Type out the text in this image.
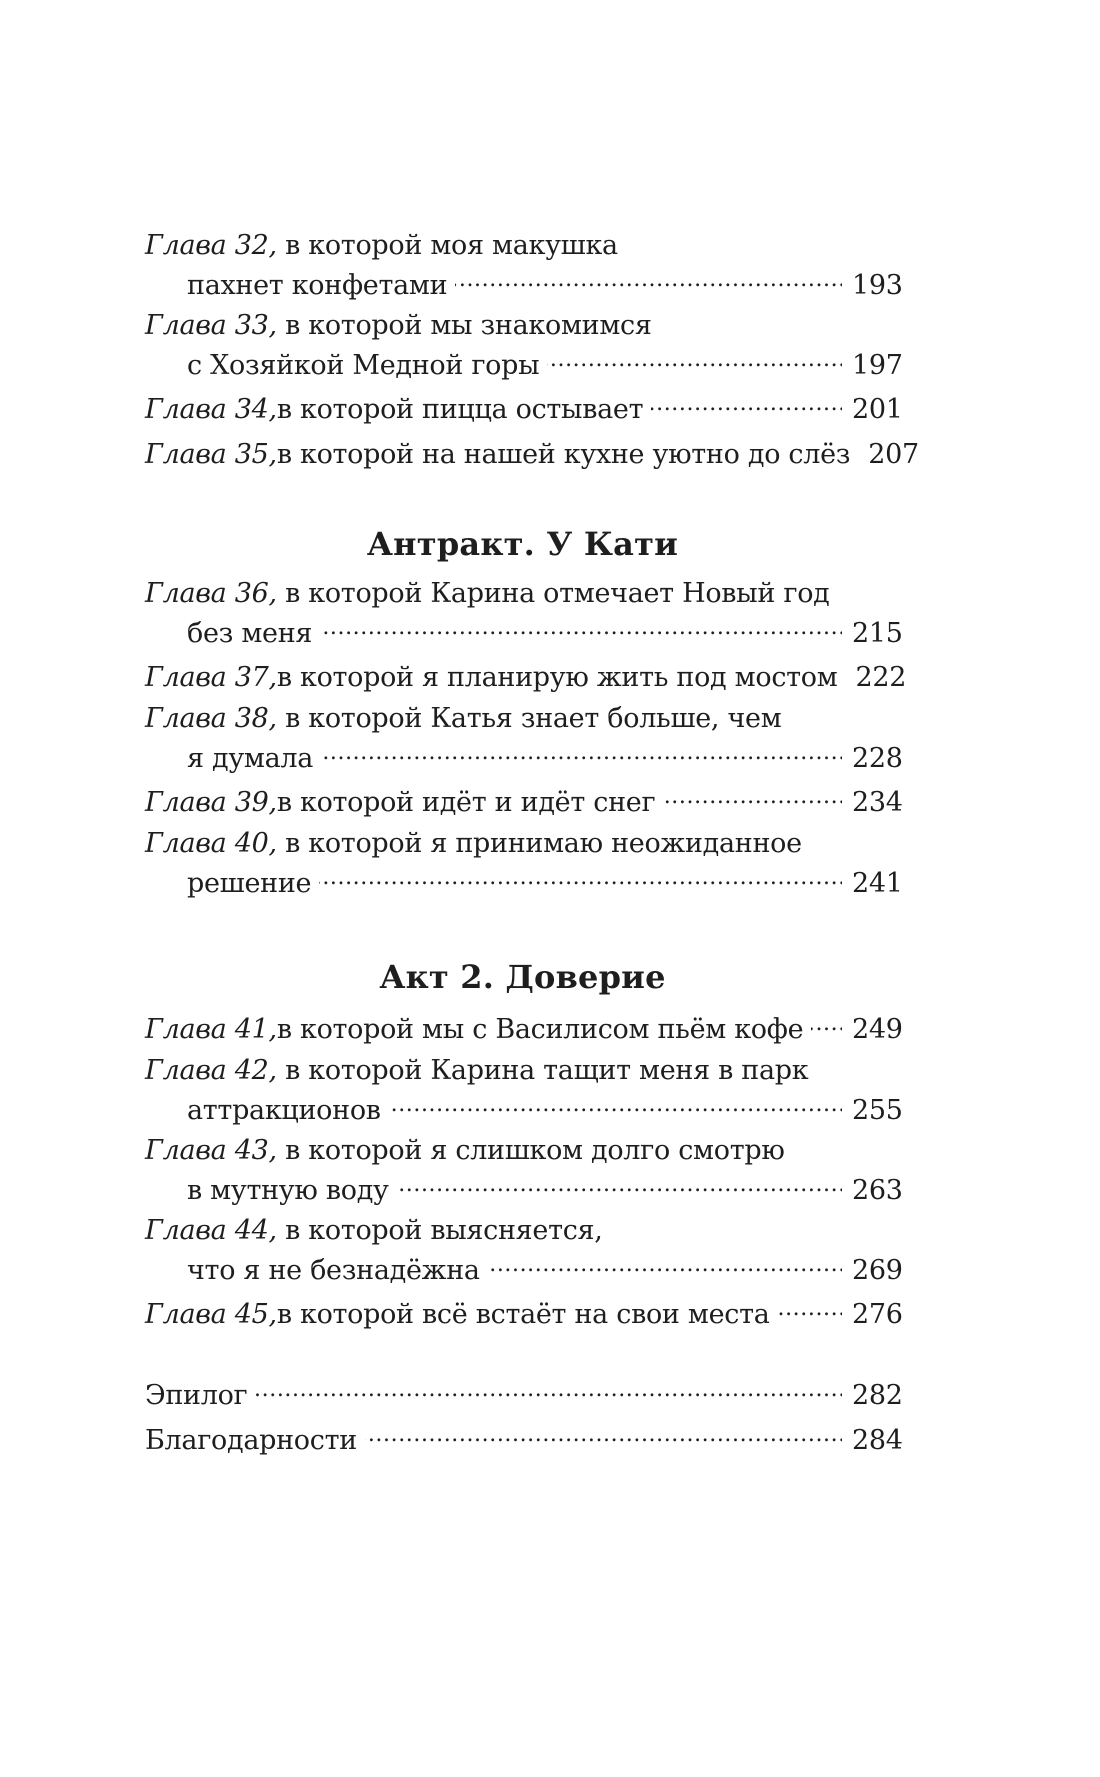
Глава 32, в которой моя макушка
пахнет конфетами . . .	193
Глава 33, в которой мы знакомимся
с Хозяйкой Медной горы . . .	197
Глава 34, в которой пицца остывает . . .	201
Глава 35, в которой на нашей кухне уютно до слёз 207
Антракт. У Кати
Глава 36, в которой Карина отмечает Новый год
без меня . . .	215
Глава 37, в которой я планирую жить под мостом 222
Глава 38, в которой Катья знает больше, чем
я думала . . .	228
Глава 39, в которой идёт и идёт снег . . .	234
Глава 40, в которой я принимаю неожиданное
решение . . .	241
Акт 2. Доверие
Глава 41, в которой мы с Василисом пьём кофе . . . 249
Глава 42, в которой Карина тащит меня в парк
аттракционов . . .	255
Глава 43, в которой я слишком долго смотрю
в мутную воду . . .	263
Глава 44, в которой выясняется,
что я не безнадёжна . . .	269
Глава 45, в которой всё встаёт на свои места . . .	276
Эпилог . . .	282
Благодарности . . .	284
